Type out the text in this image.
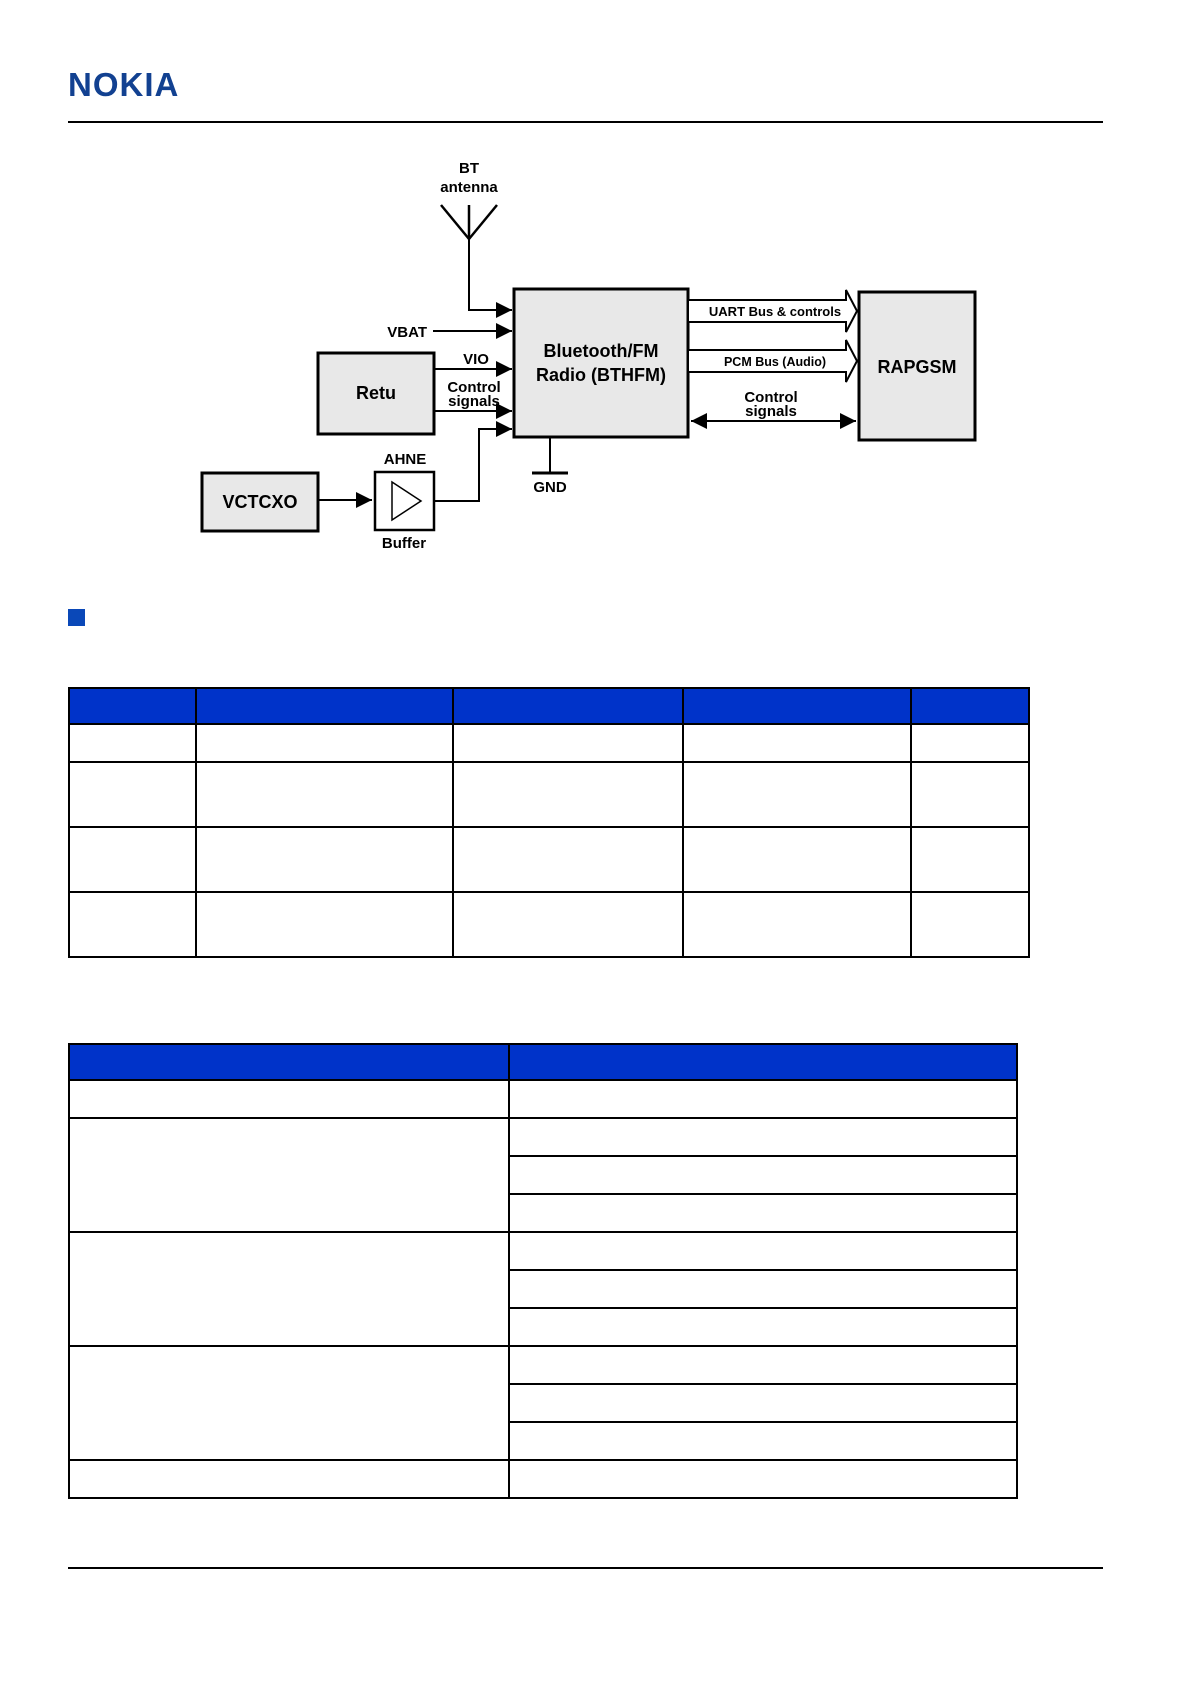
NOKIA
BT
antenna
Bluetooth/FM
Radio (BTHFM)
VBAT
Retu
VIO
Control
signals
VCTCXO
AHNE
Buffer
GND
UART Bus & controls
PCM Bus (Audio)
Control
signals
RAPGSM
